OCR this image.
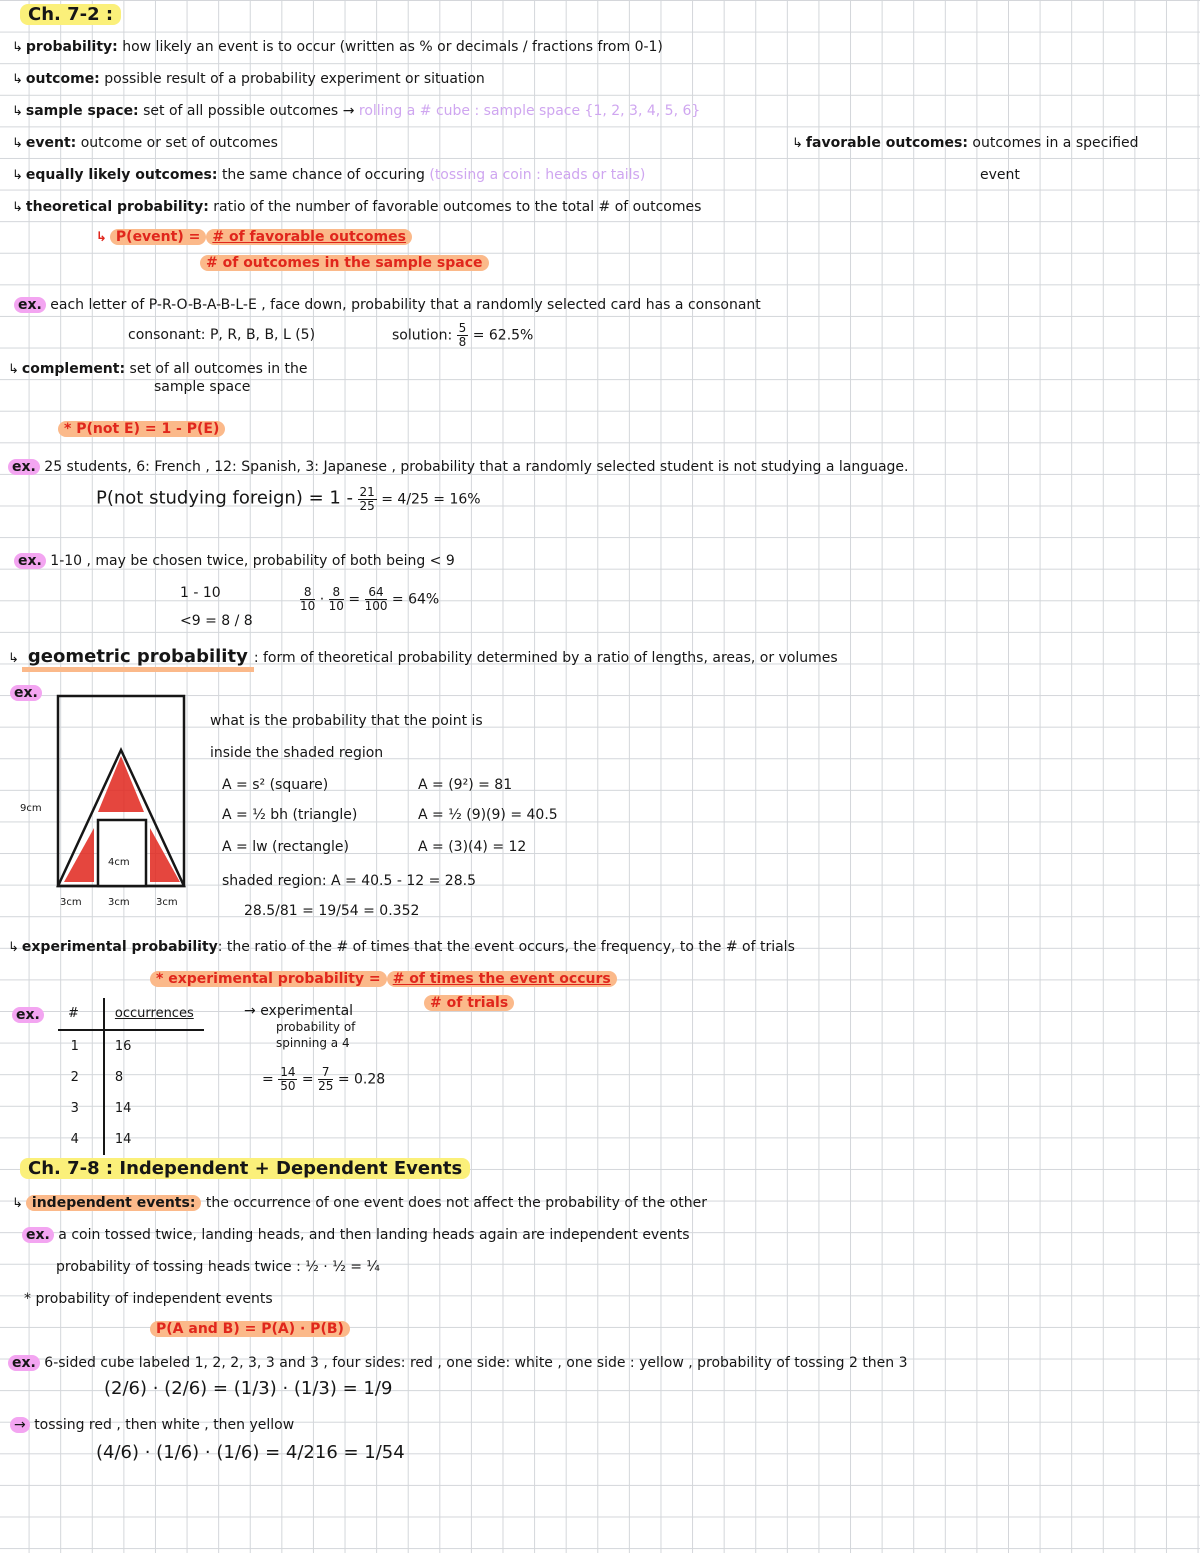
Ch. 7-2 :
↳ probability: how likely an event is to occur (written as % or decimals / fractions from 0-1)
↳ outcome: possible result of a probability experiment or situation
↳ sample space: set of all possible outcomes → rolling a # cube : sample space {1, 2, 3, 4, 5, 6}
↳ event: outcome or set of outcomes	↳ favorable outcomes: outcomes in a specified
event
↳ equally likely outcomes: the same chance of occuring (tossing a coin : heads or tails)
↳ theoretical probability: ratio of the number of favorable outcomes to the total # of outcomes
↳ P(event) = # of favorable outcomes
# of outcomes in the sample space
ex. each letter of P-R-O-B-A-B-L-E , face down, probability that a randomly selected card has a consonant
consonant: P, R, B, B, L (5)	solution: $\frac{5}{8} = 62.5\%$
↳ complement: set of all outcomes in the
sample space
* P(not E) = 1 - P(E)
ex. 25 students, 6: French , 12: Spanish, 3: Japanese , probability that a randomly selected student is not studying a language.
P(not studying foreign) = $1 - \frac{21}{25} = 4/25 = 16\%$
ex. 1-10 , may be chosen twice, probability of both being < 9
1 - 10
<9 = 8 / 8
$\frac{8}{10} \cdot \frac{8}{10} = \frac{64}{100} = 64\%$
↳ geometric probability : form of theoretical probability determined by a ratio of lengths, areas, or volumes
ex.
9cm
4cm
3cm	3cm	3cm
what is the probability that the point is
inside the shaded region
A = s² (square)	A = (9²) = 81
A = ½ bh (triangle)	A = ½ (9)(9) = 40.5
A = lw (rectangle)	A = (3)(4) = 12
shaded region: A = 40.5 - 12 = 28.5
28.5/81 = 19/54 = 0.352
↳ experimental probability: the ratio of the # of times that the event occurs, the frequency, to the # of trials
* experimental probability = # of times the event occurs
# of trials
ex.	#	occurrences
1	16
2	8
3	14
4	14
→ experimental
probability of
spinning a 4
= $\frac{14}{50} = \frac{7}{25} = 0.28$
Ch. 7-8 : Independent + Dependent Events
↳ independent events: the occurrence of one event does not affect the probability of the other
ex. a coin tossed twice, landing heads, and then landing heads again are independent events
probability of tossing heads twice : ½ · ½ = ¼
* probability of independent events
P(A and B) = P(A) · P(B)
ex. 6-sided cube labeled 1, 2, 2, 3, 3 and 3 , four sides: red , one side: white , one side : yellow , probability of tossing 2 then 3
(2/6) · (2/6) = (1/3) · (1/3) = 1/9
→ tossing red , then white , then yellow
(4/6) · (1/6) · (1/6) = 4/216 = 1/54
